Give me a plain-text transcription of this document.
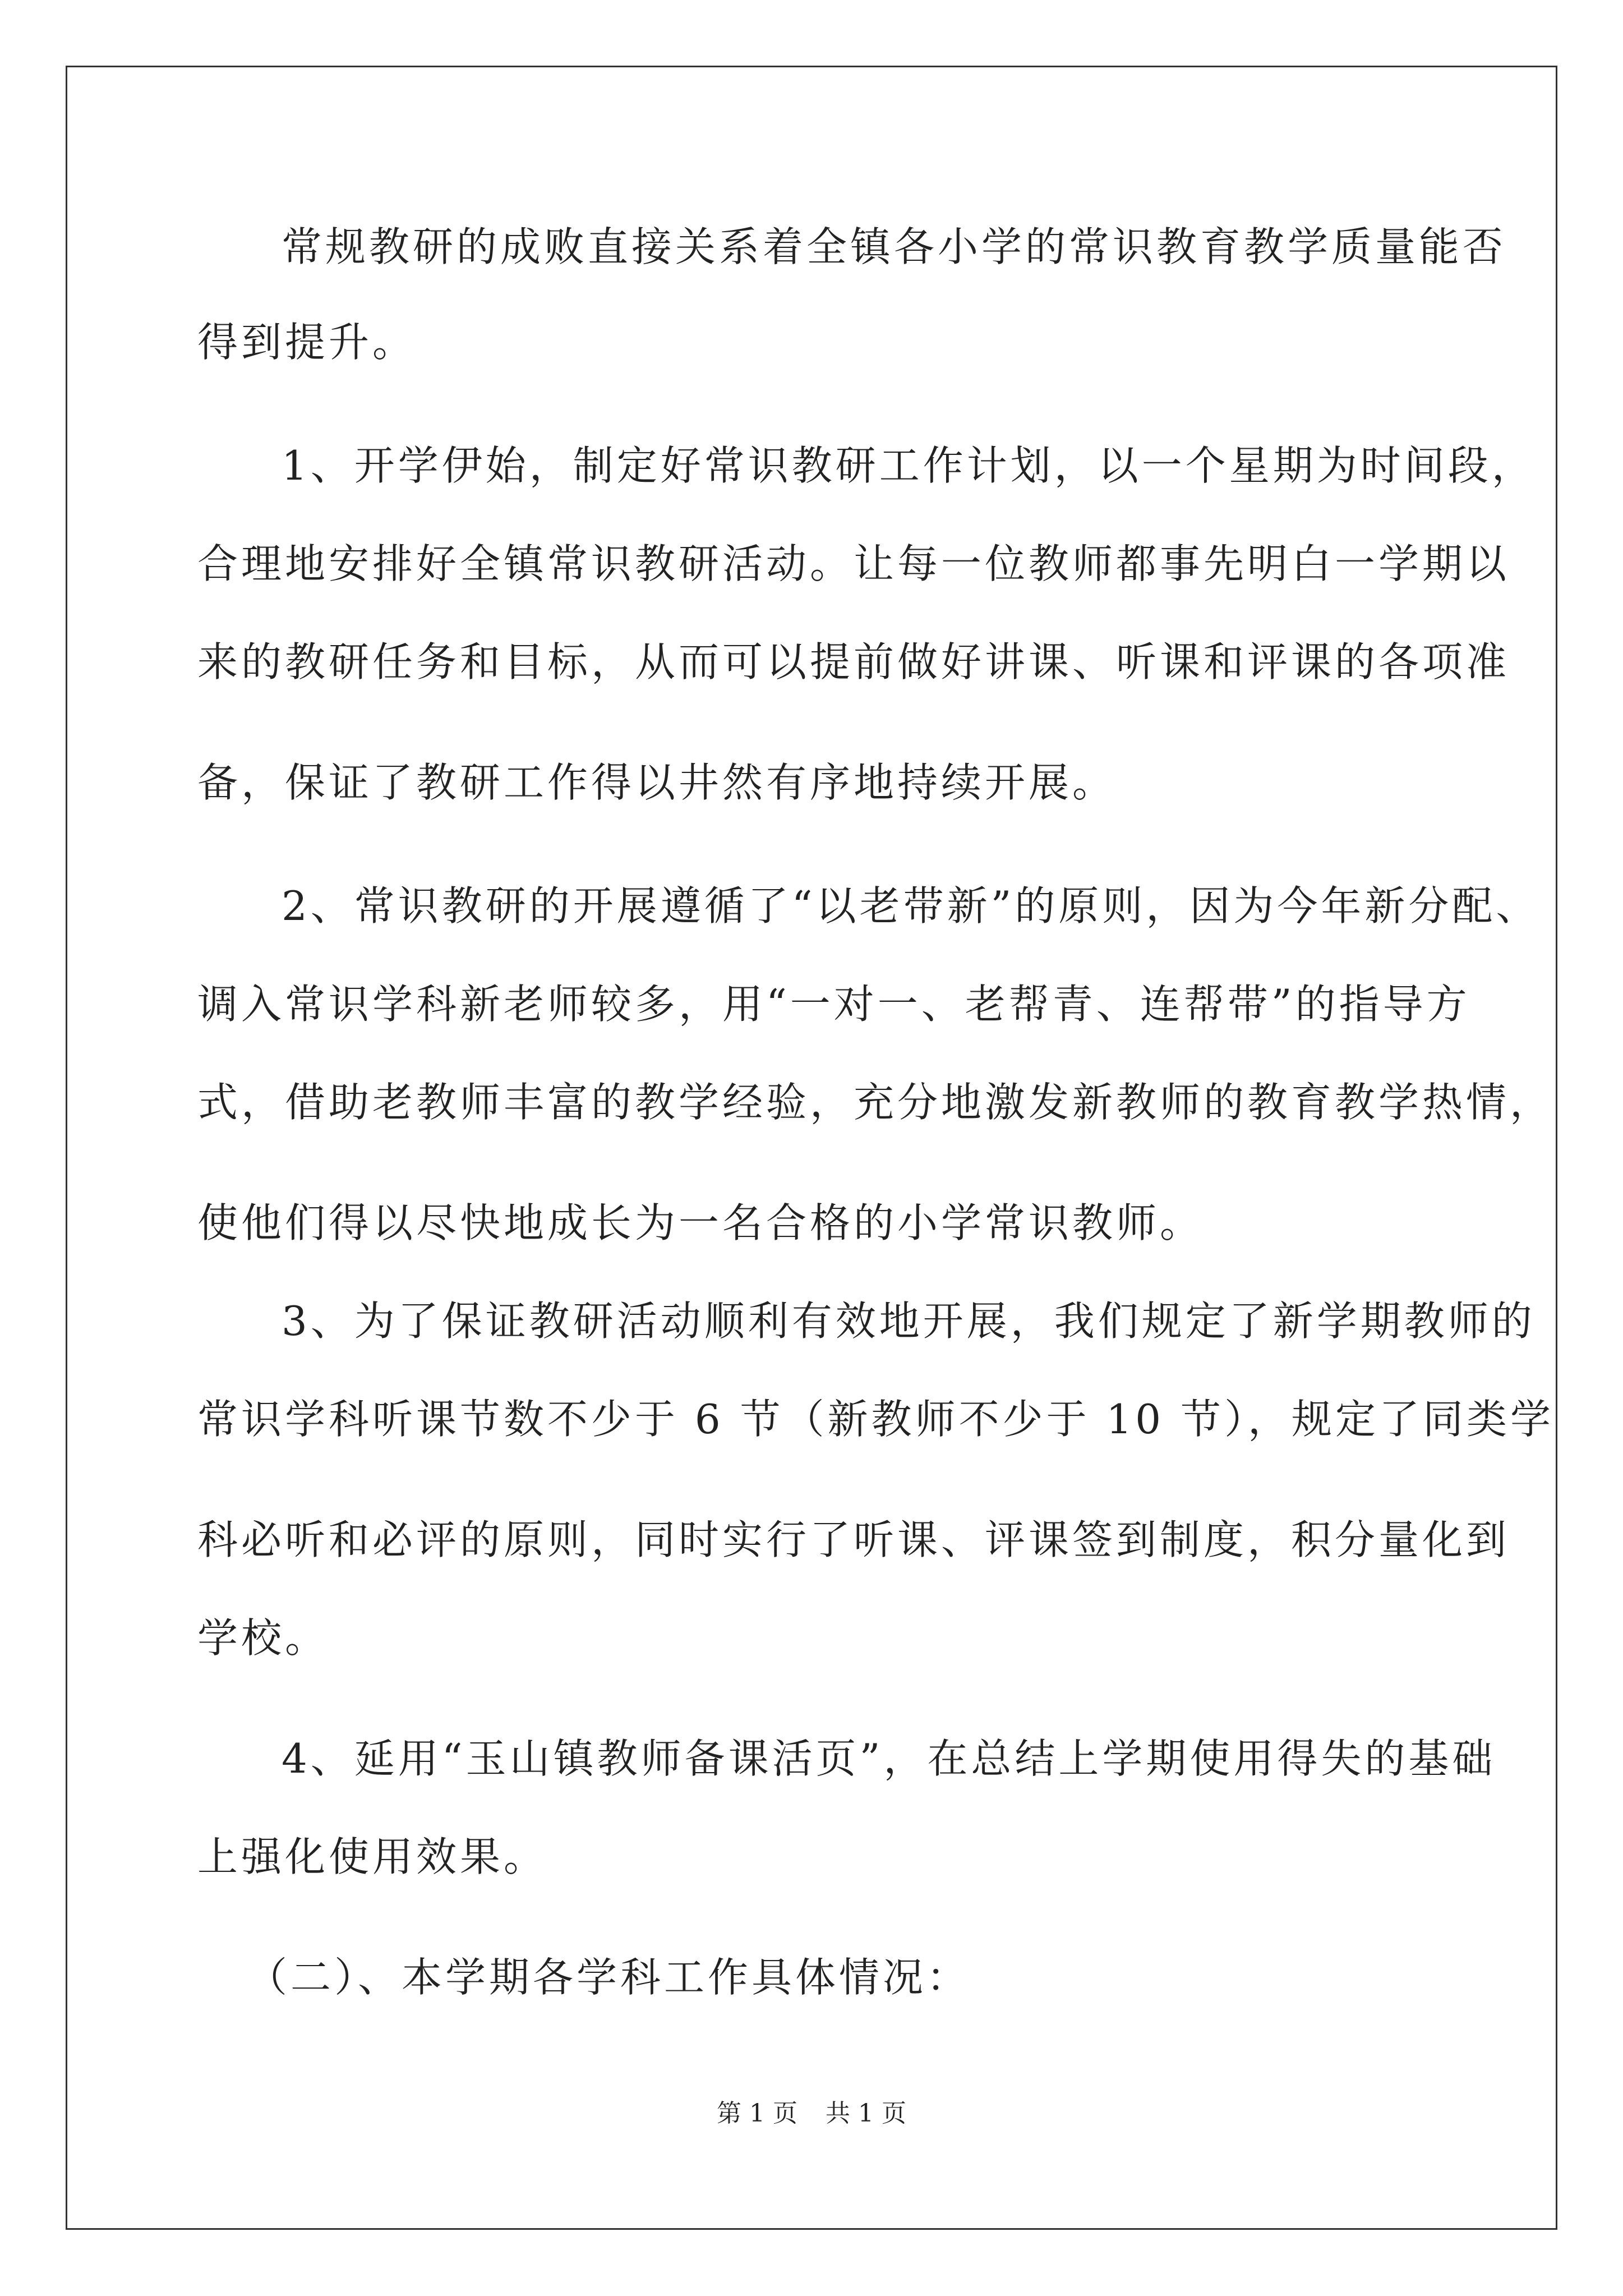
常规教研的成败直接关系着全镇各小学的常识教育教学质量能否
得到提升。
1、开学伊始，制定好常识教研工作计划，以一个星期为时间段，
合理地安排好全镇常识教研活动。让每一位教师都事先明白一学期以
来的教研任务和目标，从而可以提前做好讲课、听课和评课的各项准
备，保证了教研工作得以井然有序地持续开展。
2、常识教研的开展遵循了“以老带新”的原则，因为今年新分配、
调入常识学科新老师较多，用“一对一、老帮青、连帮带”的指导方
式，借助老教师丰富的教学经验，充分地激发新教师的教育教学热情，
使他们得以尽快地成长为一名合格的小学常识教师。
3、为了保证教研活动顺利有效地开展，我们规定了新学期教师的
常识学科听课节数不少于 6 节（新教师不少于 10 节），规定了同类学
科必听和必评的原则，同时实行了听课、评课签到制度，积分量化到
学校。
4、延用“玉山镇教师备课活页”，在总结上学期使用得失的基础
上强化使用效果。
（二）、本学期各学科工作具体情况：
第 1 页 共 1 页
